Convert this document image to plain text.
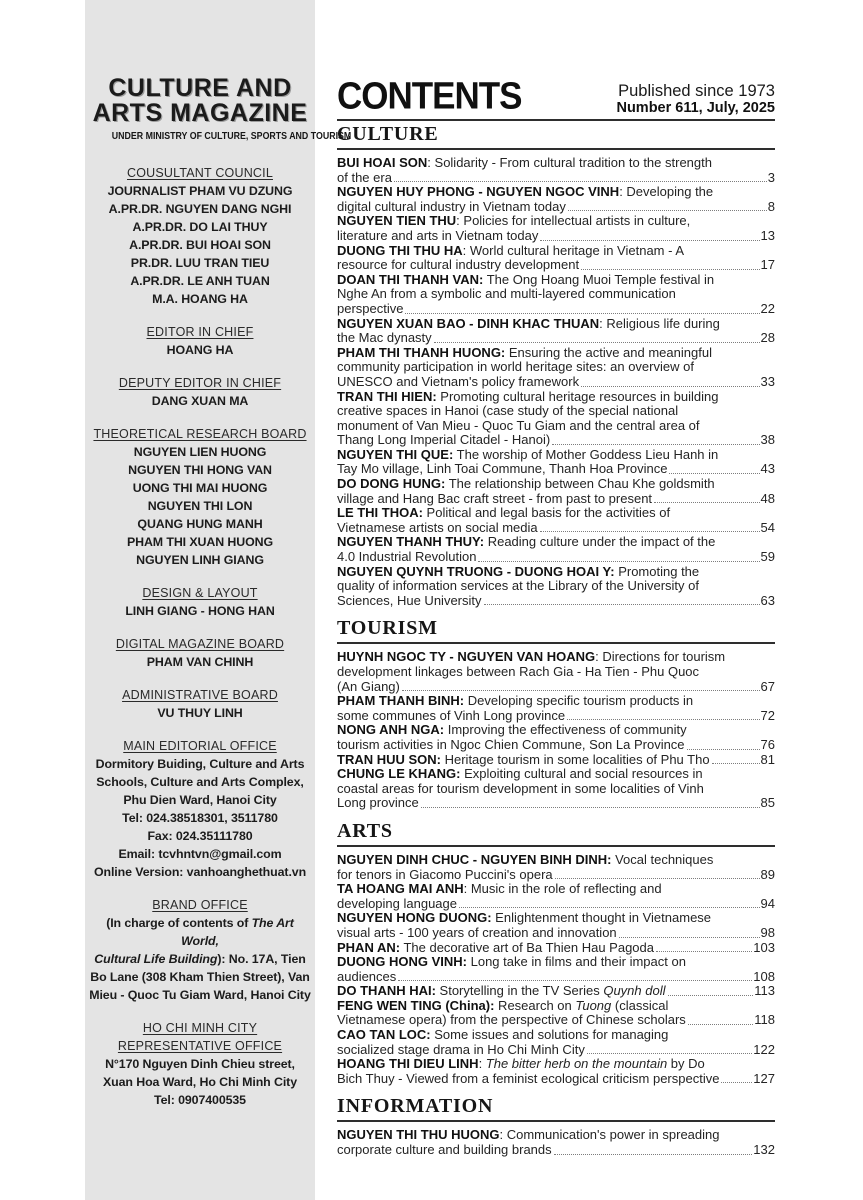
CULTURE AND
ARTS MAGAZINE
UNDER MINISTRY OF CULTURE, SPORTS AND TOURISM
COUSULTANT COUNCIL
JOURNALIST PHAM VU DZUNG
A.PR.DR. NGUYEN DANG NGHI
A.PR.DR. DO LAI THUY
A.PR.DR. BUI HOAI SON
PR.DR. LUU TRAN TIEU
A.PR.DR. LE ANH TUAN
M.A. HOANG HA
EDITOR IN CHIEF
HOANG HA
DEPUTY EDITOR IN CHIEF
DANG XUAN MA
THEORETICAL RESEARCH BOARD
NGUYEN LIEN HUONG
NGUYEN THI HONG VAN
UONG THI MAI HUONG
NGUYEN THI LON
QUANG HUNG MANH
PHAM THI XUAN HUONG
NGUYEN LINH GIANG
DESIGN & LAYOUT
LINH GIANG - HONG HAN
DIGITAL MAGAZINE BOARD
PHAM VAN CHINH
ADMINISTRATIVE BOARD
VU THUY LINH
MAIN EDITORIAL OFFICE
Dormitory Buiding, Culture and Arts
Schools, Culture and Arts Complex,
Phu Dien Ward, Hanoi City
Tel: 024.38518301, 3511780
Fax: 024.35111780
Email: tcvhntvn@gmail.com
Online Version: vanhoanghethuat.vn
BRAND OFFICE
(In charge of contents of The Art World,
Cultural Life Building): No. 17A, Tien
Bo Lane (308 Kham Thien Street), Van
Mieu - Quoc Tu Giam Ward, Hanoi City
HO CHI MINH CITY
REPRESENTATIVE OFFICE
N°170 Nguyen Dinh Chieu street,
Xuan Hoa Ward, Ho Chi Minh City
Tel: 0907400535
CONTENTS	Published since 1973
Number 611, July, 2025
CULTURE
BUI HOAI SON: Solidarity - From cultural tradition to the strength
of the era	3
NGUYEN HUY PHONG - NGUYEN NGOC VINH: Developing the
digital cultural industry in Vietnam today	8
NGUYEN TIEN THU: Policies for intellectual artists in culture,
literature and arts in Vietnam today	13
DUONG THI THU HA: World cultural heritage in Vietnam - A
resource for cultural industry development	17
DOAN THI THANH VAN: The Ong Hoang Muoi Temple festival in
Nghe An from a symbolic and multi-layered communication
perspective	22
NGUYEN XUAN BAO - DINH KHAC THUAN: Religious life during
the Mac dynasty	28
PHAM THI THANH HUONG: Ensuring the active and meaningful
community participation in world heritage sites: an overview of
UNESCO and Vietnam's policy framework	33
TRAN THI HIEN: Promoting cultural heritage resources in building
creative spaces in Hanoi (case study of the special national
monument of Van Mieu - Quoc Tu Giam and the central area of
Thang Long Imperial Citadel - Hanoi)	38
NGUYEN THI QUE: The worship of Mother Goddess Lieu Hanh in
Tay Mo village, Linh Toai Commune, Thanh Hoa Province	43
DO DONG HUNG: The relationship between Chau Khe goldsmith
village and Hang Bac craft street - from past to present	48
LE THI THOA: Political and legal basis for the activities of
Vietnamese artists on social media	54
NGUYEN THANH THUY: Reading culture under the impact of the
4.0 Industrial Revolution	59
NGUYEN QUYNH TRUONG - DUONG HOAI Y: Promoting the
quality of information services at the Library of the University of
Sciences, Hue University	63
TOURISM
HUYNH NGOC TY - NGUYEN VAN HOANG: Directions for tourism
development linkages between Rach Gia - Ha Tien - Phu Quoc
(An Giang)	67
PHAM THANH BINH: Developing specific tourism products in
some communes of Vinh Long province	72
NONG ANH NGA: Improving the effectiveness of community
tourism activities in Ngoc Chien Commune, Son La Province	76
TRAN HUU SON: Heritage tourism in some localities of Phu Tho	81
CHUNG LE KHANG: Exploiting cultural and social resources in
coastal areas for tourism development in some localities of Vinh
Long province	85
ARTS
NGUYEN DINH CHUC - NGUYEN BINH DINH: Vocal techniques
for tenors in Giacomo Puccini's opera	89
TA HOANG MAI ANH: Music in the role of reflecting and
developing language	94
NGUYEN HONG DUONG: Enlightenment thought in Vietnamese
visual arts - 100 years of creation and innovation	98
PHAN AN: The decorative art of Ba Thien Hau Pagoda	103
DUONG HONG VINH: Long take in films and their impact on
audiences	108
DO THANH HAI: Storytelling in the TV Series Quynh doll	113
FENG WEN TING (China): Research on Tuong (classical
Vietnamese opera) from the perspective of Chinese scholars	118
CAO TAN LOC: Some issues and solutions for managing
socialized stage drama in Ho Chi Minh City	122
HOANG THI DIEU LINH: The bitter herb on the mountain by Do
Bich Thuy - Viewed from a feminist ecological criticism perspective	127
INFORMATION
NGUYEN THI THU HUONG: Communication's power in spreading
corporate culture and building brands	132
